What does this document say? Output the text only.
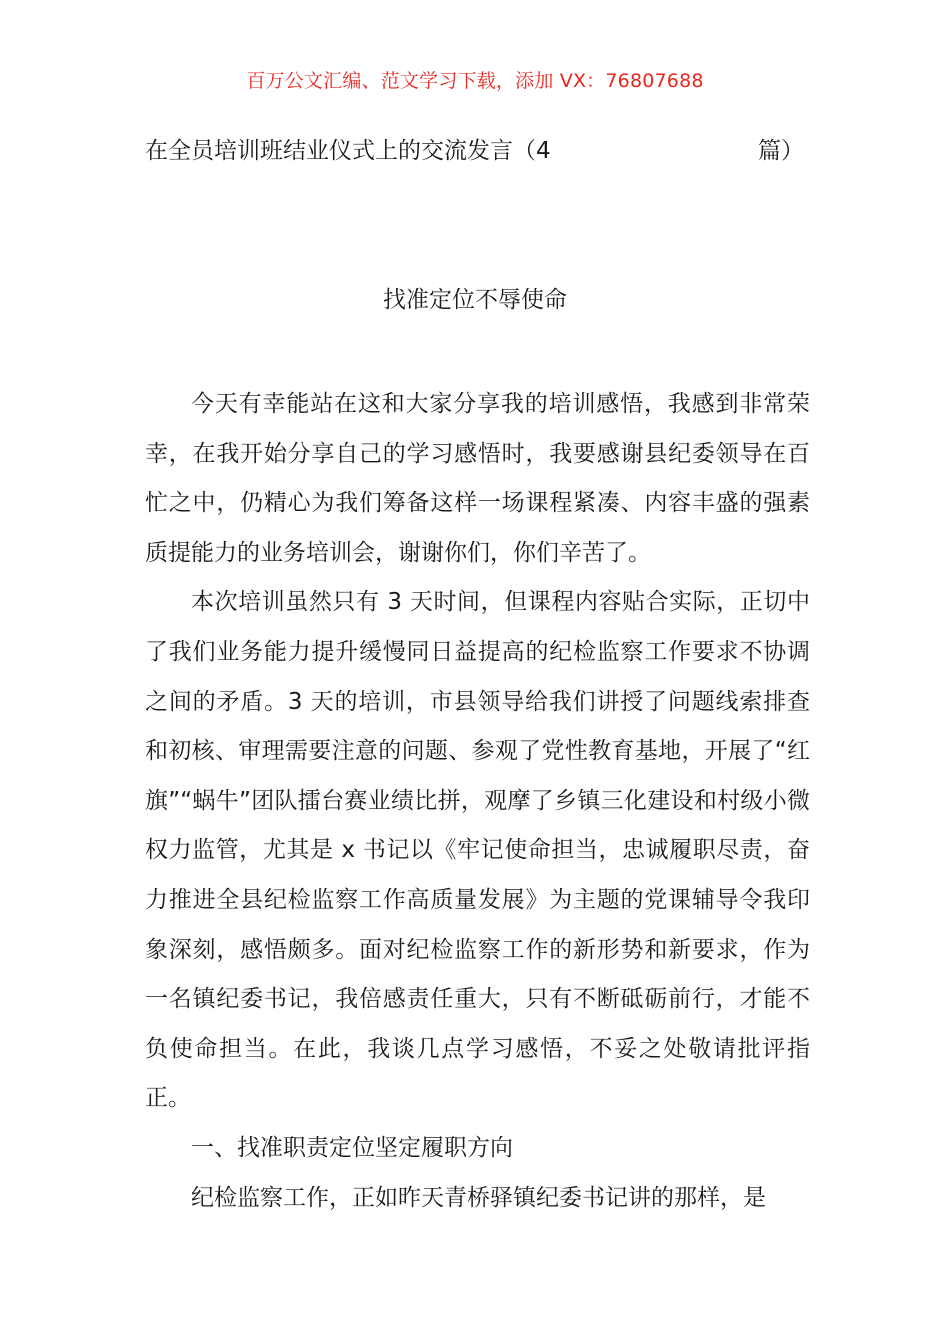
百万公文汇编、范文学习下载，添加 VX：76807688
在全员培训班结业仪式上的交流发言（4	篇）
找准定位不辱使命

今天有幸能站在这和大家分享我的培训感悟，我感到非常荣幸，在我开始分享自己的学习感悟时，我要感谢县纪委领导在百忙之中，仍精心为我们筹备这样一场课程紧凑、内容丰盛的强素质提能力的业务培训会，谢谢你们，你们辛苦了。

本次培训虽然只有 3 天时间，但课程内容贴合实际，正切中了我们业务能力提升缓慢同日益提高的纪检监察工作要求不协调之间的矛盾。3 天的培训，市县领导给我们讲授了问题线索排查和初核、审理需要注意的问题、参观了党性教育基地，开展了“红旗”“蜗牛”团队擂台赛业绩比拼，观摩了乡镇三化建设和村级小微权力监管，尤其是 x 书记以《牢记使命担当，忠诚履职尽责，奋力推进全县纪检监察工作高质量发展》为主题的党课辅导令我印象深刻，感悟颇多。面对纪检监察工作的新形势和新要求，作为一名镇纪委书记，我倍感责任重大，只有不断砥砺前行，才能不负使命担当。在此，我谈几点学习感悟，不妥之处敬请批评指正。

一、找准职责定位坚定履职方向

纪检监察工作，正如昨天青桥驿镇纪委书记讲的那样，是
